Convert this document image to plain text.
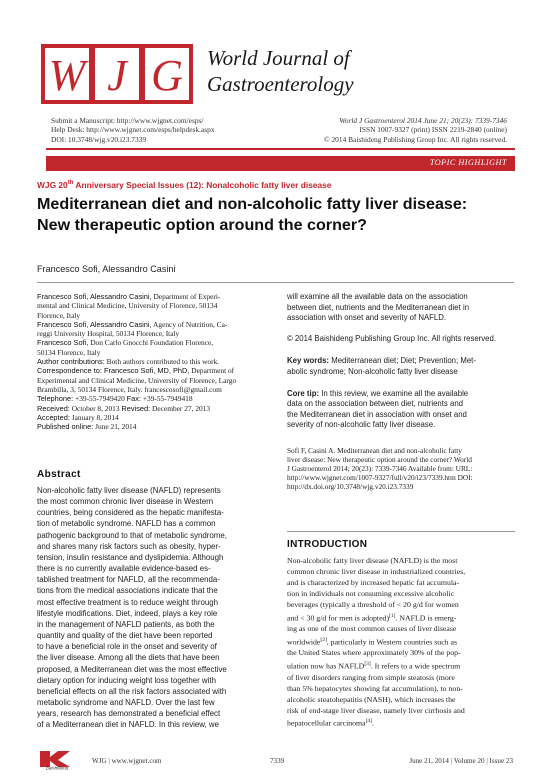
W J G World Journal of
Gastroenterology
Submit a Manuscript: http://www.wjgnet.com/esps/
Help Desk: http://www.wjgnet.com/esps/helpdesk.aspx
DOI: 10.3748/wjg.v20.i23.7339
World J Gastroenterol 2014 June 21; 20(23): 7339-7346
ISSN 1007-9327 (print) ISSN 2219-2840 (online)
© 2014 Baishideng Publishing Group Inc. All rights reserved.
TOPIC HIGHLIGHT
WJG 20th Anniversary Special Issues (12): Nonalcoholic fatty liver disease
Mediterranean diet and non-alcoholic fatty liver disease:
New therapeutic option around the corner?
Francesco Sofi, Alessandro Casini
Francesco Sofi, Alessandro Casini, Department of Experi-
mental and Clinical Medicine, University of Florence, 50134
Florence, Italy
Francesco Sofi, Alessandro Casini, Agency of Nutrition, Ca-
reggi University Hospital, 50134 Florence, Italy
Francesco Sofi, Don Carlo Gnocchi Foundation Florence,
50134 Florence, Italy
Author contributions: Both authors contributed to this work.
Correspondence to: Francesco Sofi, MD, PhD, Department of
Experimental and Clinical Medicine, University of Florence, Largo
Brambilla, 3, 50134 Florence, Italy. francescosofi@gmail.com
Telephone: +39-55-7949420 Fax: +39-55-7949418
Received: October 8, 2013 Revised: December 27, 2013
Accepted: January 8, 2014
Published online: June 21, 2014
will examine all the available data on the association
between diet, nutrients and the Mediterranean diet in
association with onset and severity of NAFLD.
© 2014 Baishideng Publishing Group Inc. All rights reserved.
Key words: Mediterranean diet; Diet; Prevention; Met-
abolic syndrome; Non-alcoholic fatty liver disease
Core tip: In this review, we examine all the available
data on the association between diet, nutrients and
the Mediterranean diet in association with onset and
severity of non-alcoholic fatty liver disease.
Sofi F, Casini A. Mediterranean diet and non-alcoholic fatty
liver disease: New therapeutic option around the corner? World
J Gastroenterol 2014; 20(23): 7339-7346 Available from: URL:
http://www.wjgnet.com/1007-9327/full/v20/i23/7339.htm DOI:
http://dx.doi.org/10.3748/wjg.v20.i23.7339
Abstract
Non-alcoholic fatty liver disease (NAFLD) represents
the most common chronic liver disease in Western
countries, being considered as the hepatic manifesta-
tion of metabolic syndrome. NAFLD has a common
pathogenic background to that of metabolic syndrome,
and shares many risk factors such as obesity, hyper-
tension, insulin resistance and dyslipidemia. Although
there is no currently available evidence-based es-
tablished treatment for NAFLD, all the recommenda-
tions from the medical associations indicate that the
most effective treatment is to reduce weight through
lifestyle modifications. Diet, indeed, plays a key role
in the management of NAFLD patients, as both the
quantity and quality of the diet have been reported
to have a beneficial role in the onset and severity of
the liver disease. Among all the diets that have been
proposed, a Mediterranean diet was the most effective
dietary option for inducing weight loss together with
beneficial effects on all the risk factors associated with
metabolic syndrome and NAFLD. Over the last few
years, research has demonstrated a beneficial effect
of a Mediterranean diet in NAFLD. In this review, we
INTRODUCTION
Non-alcoholic fatty liver disease (NAFLD) is the most
common chronic liver disease in industrialized countries,
and is characterized by increased hepatic fat accumula-
tion in individuals not consuming excessive alcoholic
beverages (typically a threshold of < 20 g/d for women
and < 30 g/d for men is adopted)[1]. NAFLD is emerg-
ing as one of the most common causes of liver disease
worldwide[2], particularly in Western countries such as
the United States where approximately 30% of the pop-
ulation now has NAFLD[3]. It refers to a wide spectrum
of liver disorders ranging from simple steatosis (more
than 5% hepatocytes showing fat accumulation), to non-
alcoholic steatohepatitis (NASH), which increases the
risk of end-stage liver disease, namely liver cirrhosis and
hepatocellular carcinoma[4].
Baishideng
WJG | www.wjgnet.com	7339	June 21, 2014 | Volume 20 | Issue 23
